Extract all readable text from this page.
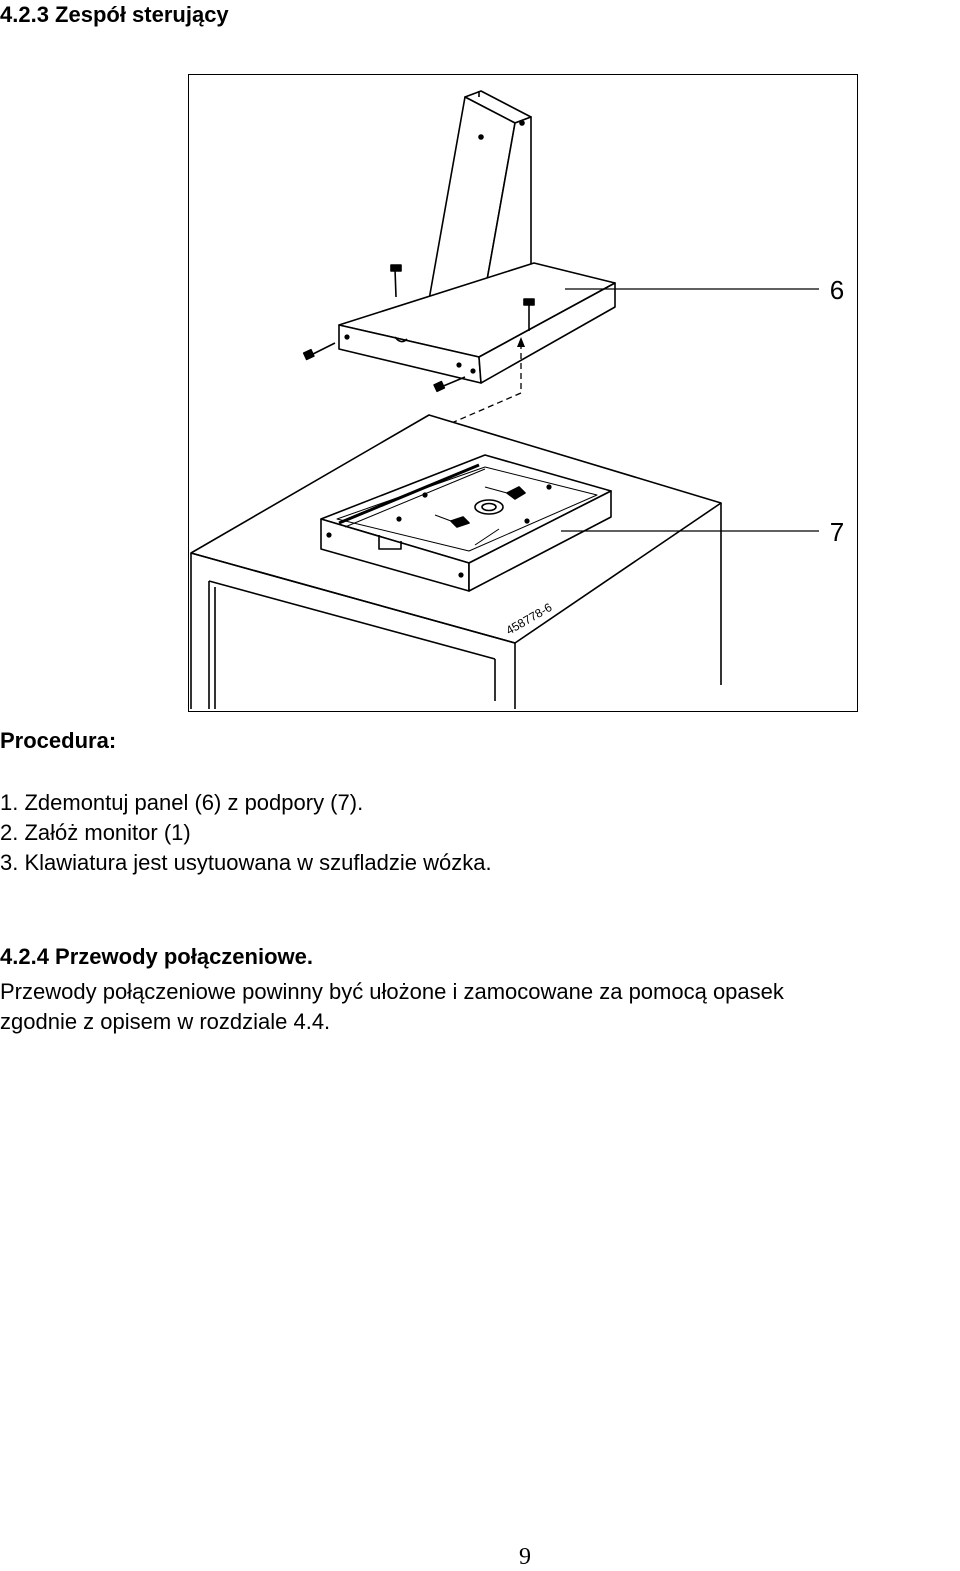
4.2.3 Zespół sterujący
6
7
458778-6
Procedura:
1. Zdemontuj panel (6) z podpory (7).
2. Załóż monitor (1)
3. Klawiatura jest usytuowana w szufladzie wózka.
4.2.4 Przewody połączeniowe.

Przewody połączeniowe powinny być ułożone i zamocowane za pomocą opasek
zgodnie z opisem w rozdziale 4.4.

9
